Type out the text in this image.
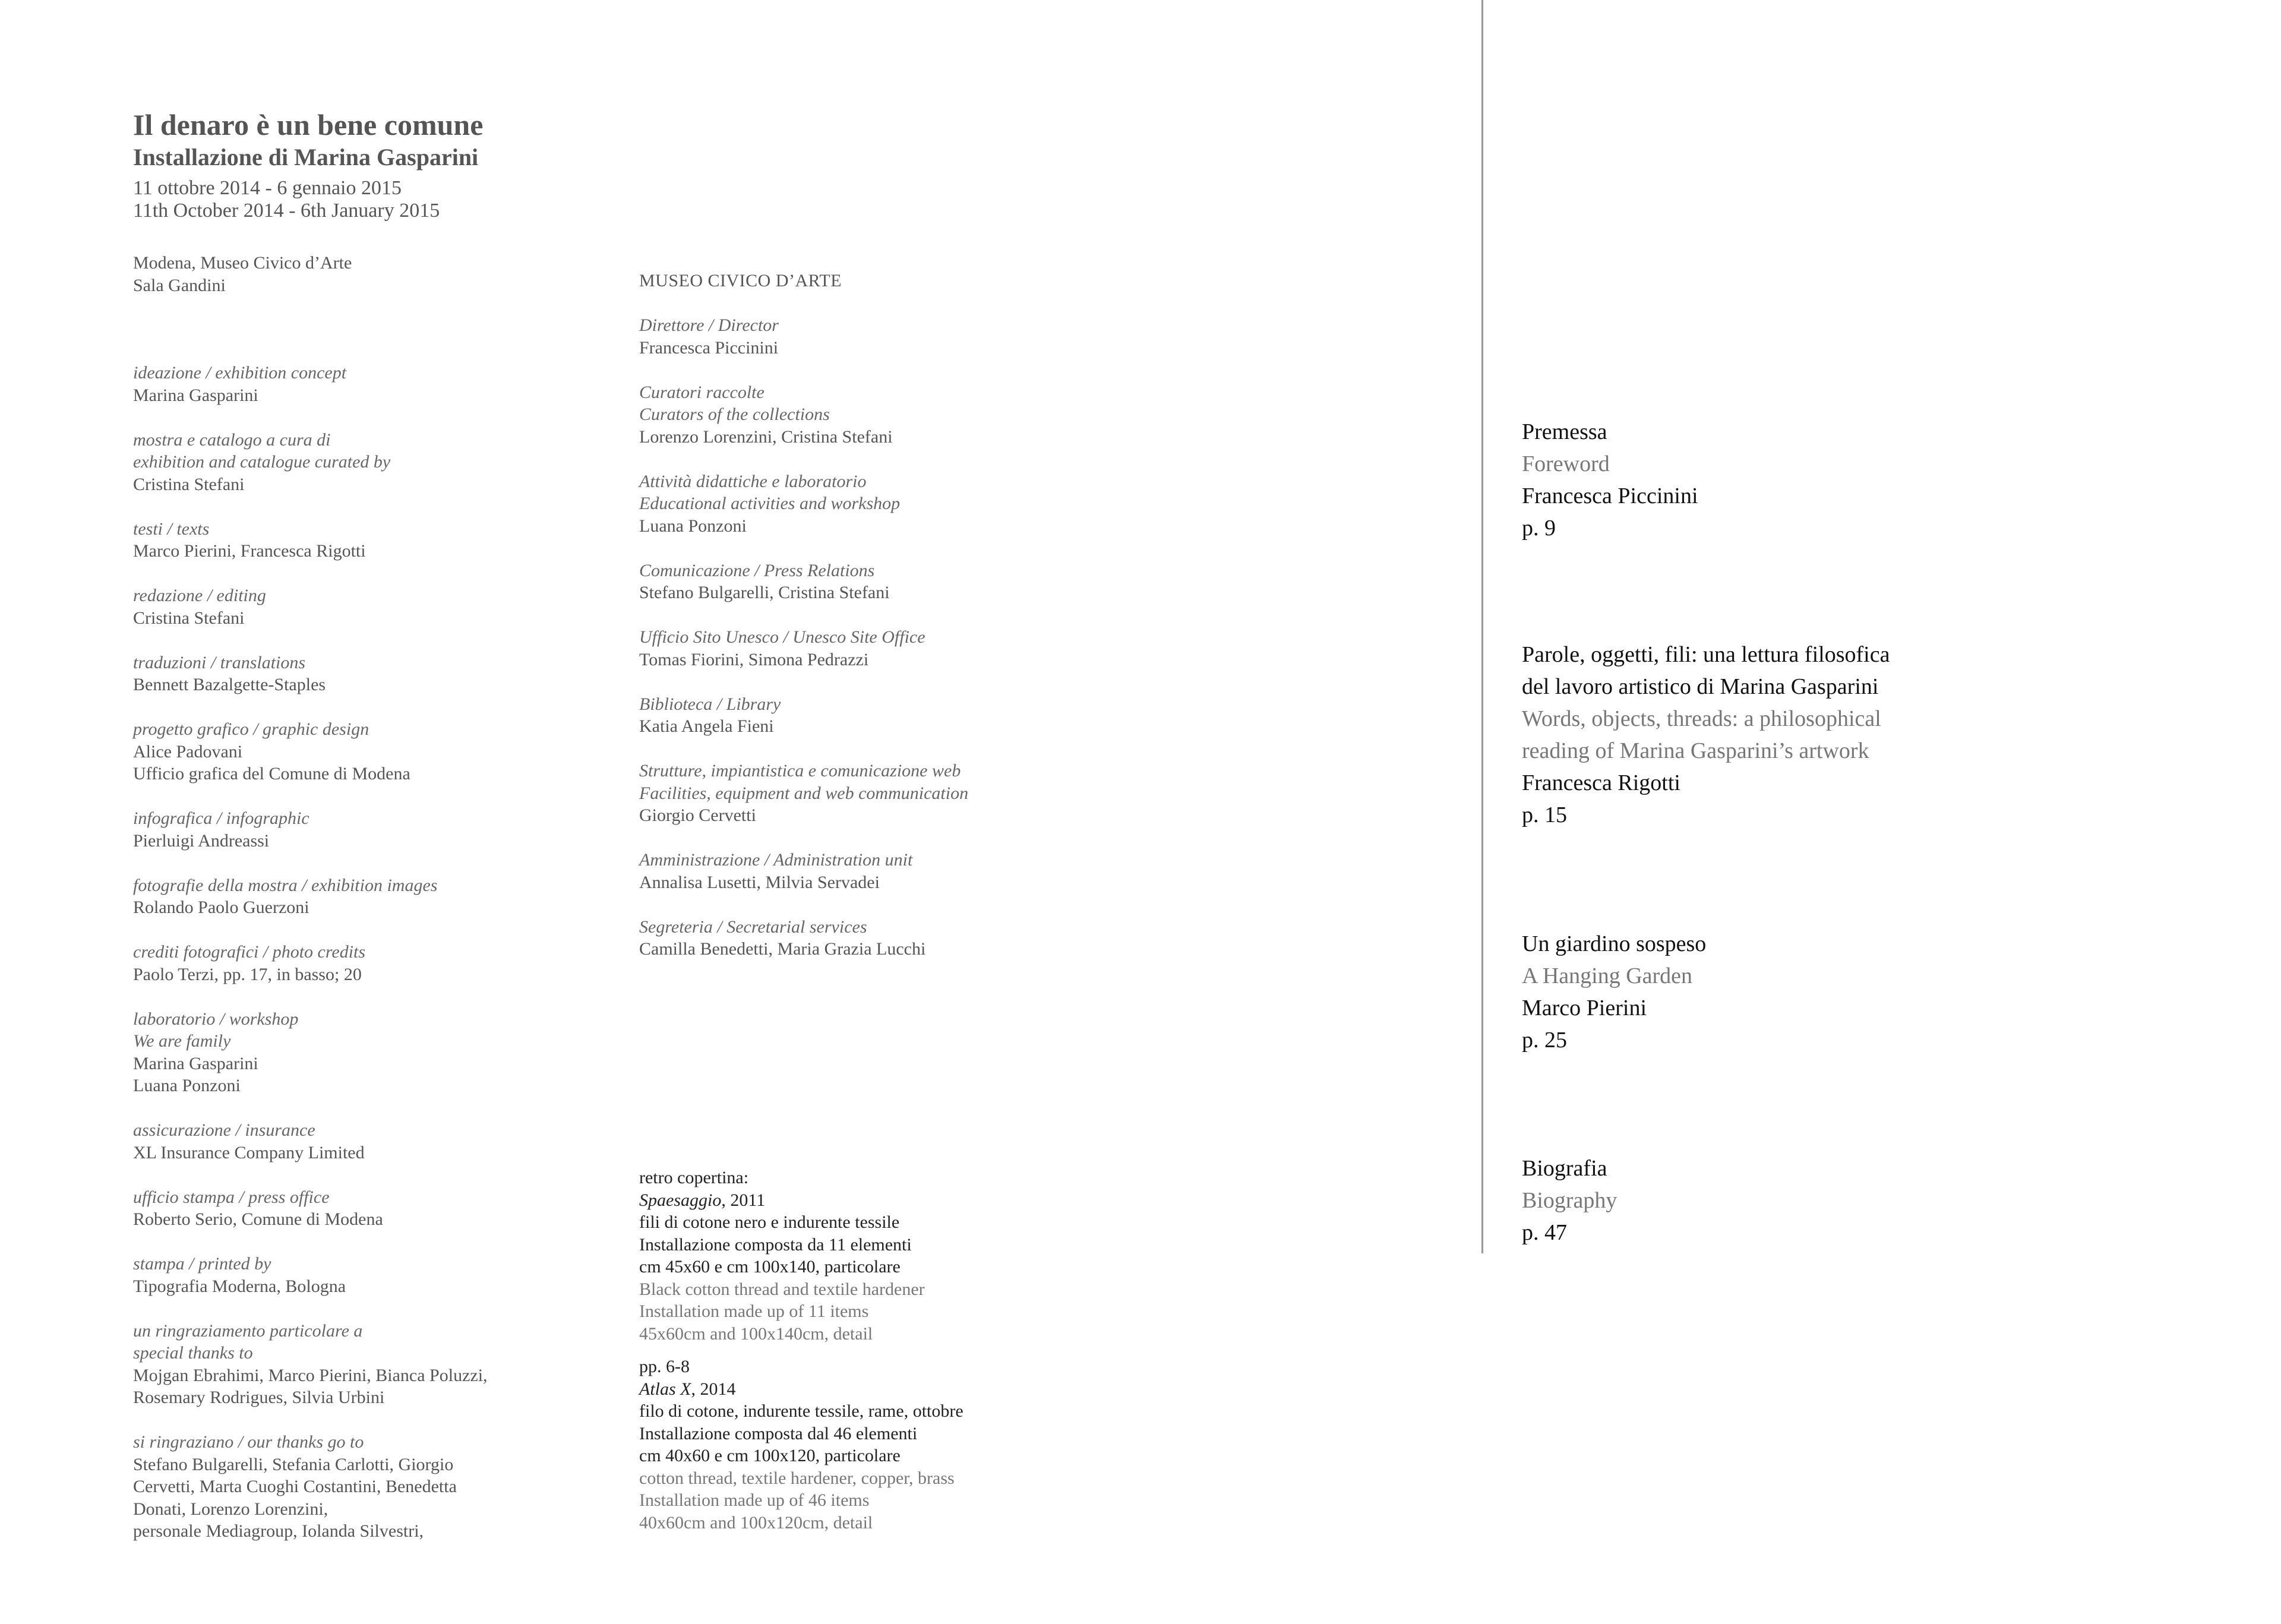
Il denaro è un bene comune
Installazione di Marina Gasparini
11 ottobre 2014 - 6 gennaio 2015
11th October 2014 - 6th January 2015
Modena, Museo Civico d’Arte
Sala Gandini
ideazione / exhibition concept
Marina Gasparini
mostra e catalogo a cura di
exhibition and catalogue curated by
Cristina Stefani
testi / texts
Marco Pierini, Francesca Rigotti
redazione / editing
Cristina Stefani
traduzioni / translations
Bennett Bazalgette-Staples
progetto grafico / graphic design
Alice Padovani
Ufficio grafica del Comune di Modena
infografica / infographic
Pierluigi Andreassi
fotografie della mostra / exhibition images
Rolando Paolo Guerzoni
crediti fotografici / photo credits
Paolo Terzi, pp. 17, in basso; 20
laboratorio / workshop
We are family
Marina Gasparini
Luana Ponzoni
assicurazione / insurance
XL Insurance Company Limited
ufficio stampa / press office
Roberto Serio, Comune di Modena
stampa / printed by
Tipografia Moderna, Bologna
un ringraziamento particolare a
special thanks to
Mojgan Ebrahimi, Marco Pierini, Bianca Poluzzi,
Rosemary Rodrigues, Silvia Urbini
si ringraziano / our thanks go to
Stefano Bulgarelli, Stefania Carlotti, Giorgio
Cervetti, Marta Cuoghi Costantini, Benedetta
Donati, Lorenzo Lorenzini,
personale Mediagroup, Iolanda Silvestri,
MUSEO CIVICO D’ARTE
Direttore / Director
Francesca Piccinini
Curatori raccolte
Curators of the collections
Lorenzo Lorenzini, Cristina Stefani
Attività didattiche e laboratorio
Educational activities and workshop
Luana Ponzoni
Comunicazione / Press Relations
Stefano Bulgarelli, Cristina Stefani
Ufficio Sito Unesco / Unesco Site Office
Tomas Fiorini, Simona Pedrazzi
Biblioteca / Library
Katia Angela Fieni
Strutture, impiantistica e comunicazione web
Facilities, equipment and web communication
Giorgio Cervetti
Amministrazione / Administration unit
Annalisa Lusetti, Milvia Servadei
Segreteria / Secretarial services
Camilla Benedetti, Maria Grazia Lucchi
retro copertina:
Spaesaggio, 2011
fili di cotone nero e indurente tessile
Installazione composta da 11 elementi
cm 45x60 e cm 100x140, particolare
Black cotton thread and textile hardener
Installation made up of 11 items
45x60cm and 100x140cm, detail
pp. 6-8
Atlas X, 2014
filo di cotone, indurente tessile, rame, ottobre
Installazione composta dal 46 elementi
cm 40x60 e cm 100x120, particolare
cotton thread, textile hardener, copper, brass
Installation made up of 46 items
40x60cm and 100x120cm, detail
Premessa
Foreword
Francesca Piccinini
p. 9
Parole, oggetti, fili: una lettura filosofica
del lavoro artistico di Marina Gasparini
Words, objects, threads: a philosophical
reading of Marina Gasparini’s artwork
Francesca Rigotti
p. 15
Un giardino sospeso
A Hanging Garden
Marco Pierini
p. 25
Biografia
Biography
p. 47
